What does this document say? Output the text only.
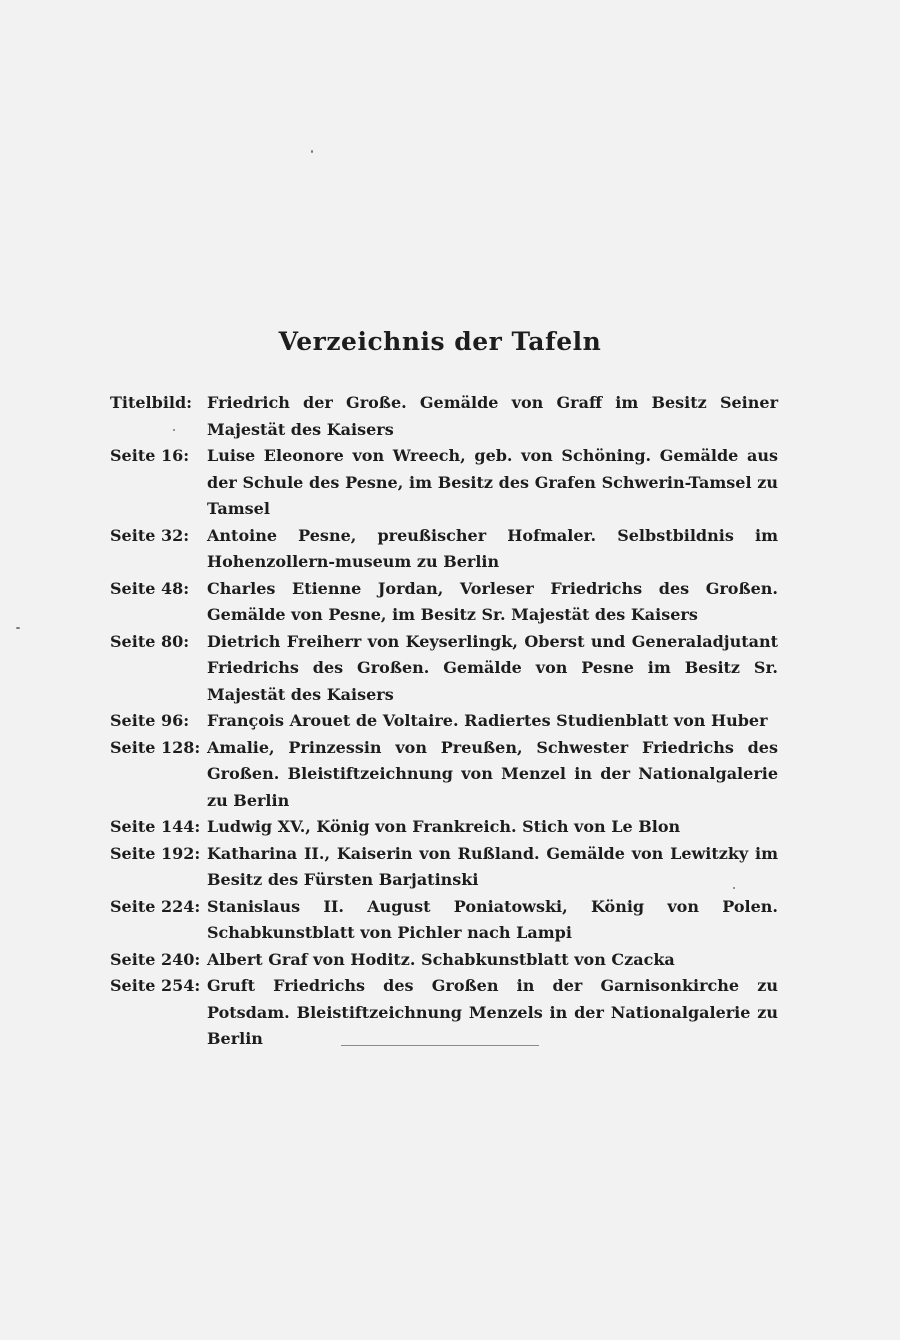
Verzeichnis der Tafeln
Titelbild: Friedrich der Große. Gemälde von Graff im Besitz Seiner Majestät des Kaisers
Seite 16:	Luise Eleonore von Wreech, geb. von Schöning. Gemälde aus der Schule des Pesne, im Besitz des Grafen Schwerin-Tamsel zu Tamsel
Seite 32:	Antoine Pesne, preußischer Hofmaler. Selbstbildnis im Hohenzollern-museum zu Berlin
Seite 48:	Charles Etienne Jordan, Vorleser Friedrichs des Großen. Gemälde von Pesne, im Besitz Sr. Majestät des Kaisers
Seite 80:	Dietrich Freiherr von Keyserlingk, Oberst und Generaladjutant Friedrichs des Großen. Gemälde von Pesne im Besitz Sr. Majestät des Kaisers
Seite 96:	François Arouet de Voltaire. Radiertes Studienblatt von Huber
Seite 128: Amalie, Prinzessin von Preußen, Schwester Friedrichs des Großen. Bleistiftzeichnung von Menzel in der Nationalgalerie zu Berlin
Seite 144: Ludwig XV., König von Frankreich. Stich von Le Blon
Seite 192: Katharina II., Kaiserin von Rußland. Gemälde von Lewitzky im Besitz des Fürsten Barjatinski
Seite 224: Stanislaus II. August Poniatowski, König von Polen. Schabkunstblatt von Pichler nach Lampi
Seite 240: Albert Graf von Hoditz. Schabkunstblatt von Czacka
Seite 254: Gruft Friedrichs des Großen in der Garnisonkirche zu Potsdam. Bleistiftzeichnung Menzels in der Nationalgalerie zu Berlin
